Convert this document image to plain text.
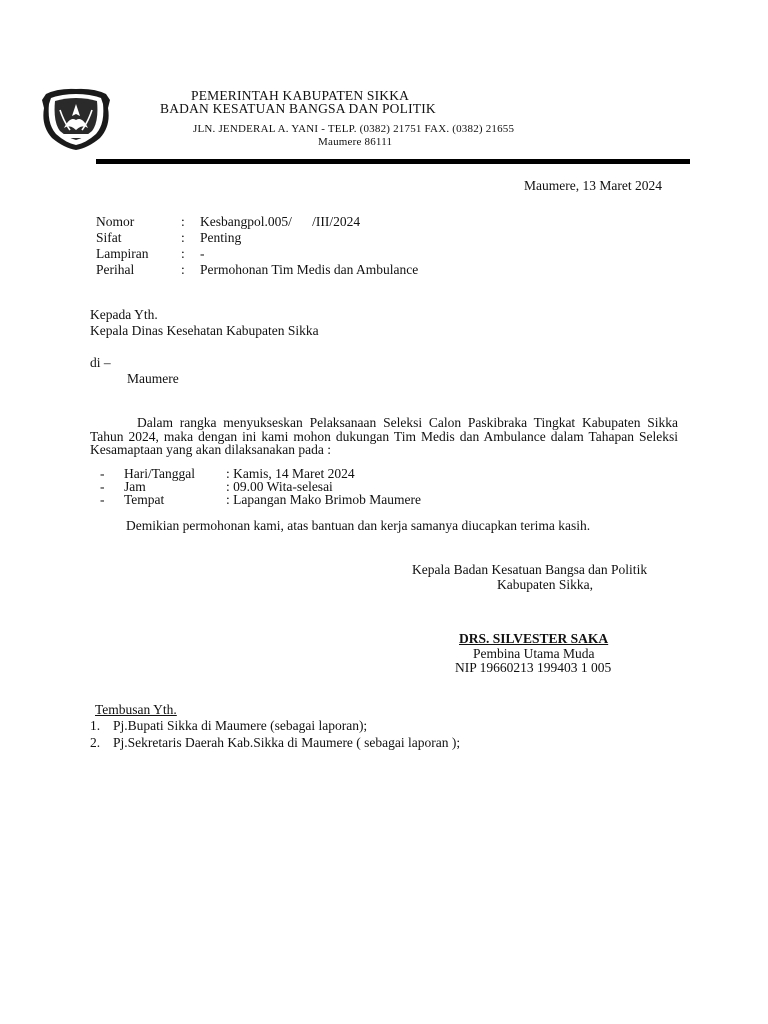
PEMERINTAH KABUPATEN SIKKA
BADAN KESATUAN BANGSA DAN POLITIK
JLN. JENDERAL A. YANI - TELP. (0382) 21751 FAX. (0382) 21655
Maumere 86111
Maumere, 13 Maret 2024
Nomor	: Kesbangpol.005/      /III/2024
Sifat	: Penting
Lampiran : -
Perihal	: Permohonan Tim Medis dan Ambulance
Kepada Yth.
Kepala Dinas Kesehatan Kabupaten Sikka
di –
Maumere
Dalam rangka menyukseskan Pelaksanaan Seleksi Calon Paskibraka Tingkat Kabupaten Sikka Tahun 2024, maka dengan ini kami mohon dukungan Tim Medis dan Ambulance dalam Tahapan Seleksi Kesamaptaan yang akan dilaksanakan pada :
- Hari/Tanggal : Kamis, 14 Maret 2024
- Jam	: 09.00 Wita-selesai
- Tempat	: Lapangan Mako Brimob Maumere
Demikian permohonan kami, atas bantuan dan kerja samanya diucapkan terima kasih.
Kepala Badan Kesatuan Bangsa dan Politik
Kabupaten Sikka,
DRS. SILVESTER SAKA
Pembina Utama Muda
NIP 19660213 199403 1 005
Tembusan Yth.
1. Pj.Bupati Sikka di Maumere (sebagai laporan);
2. Pj.Sekretaris Daerah Kab.Sikka di Maumere ( sebagai laporan );
